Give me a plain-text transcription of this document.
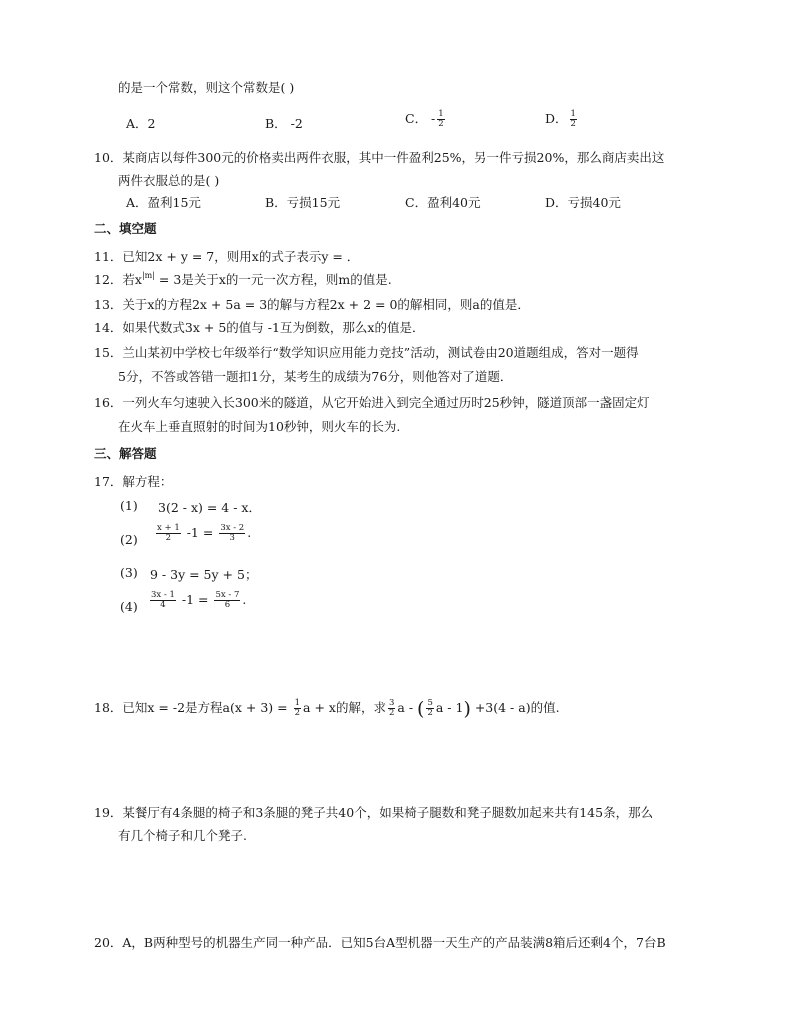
的是一个常数，则这个常数是( )
A．2	B． -2	C． - $\frac{1}{2}$	D． $\frac{1}{2}$
10．某商店以每件300元的价格卖出两件衣服，其中一件盈利25%，另一件亏损20%，那么商店卖出这
两件衣服总的是( )
A．盈利15元	B．亏损15元	C．盈利40元	D．亏损40元
二、填空题
11．已知2x + y = 7，则用x的式子表示y = ．
12．若$x^{|m|} = 3$是关于x的一元一次方程，则m的值是.
13．关于x的方程2x + 5a = 3的解与方程2x + 2 = 0的解相同，则a的值是．
14．如果代数式3x + 5的值与 -1互为倒数，那么x的值是．
15．兰山某初中学校七年级举行“数学知识应用能力竞技”活动，测试卷由20道题组成，答对一题得
5分，不答或答错一题扣1分，某考生的成绩为76分，则他答对了道题．
16．一列火车匀速驶入长300米的隧道，从它开始进入到完全通过历时25秒钟，隧道顶部一盏固定灯
在火车上垂直照射的时间为10秒钟，则火车的长为.
三、解答题
17．解方程：
(1) 3(2 - x) = 4 - x．
$(2) \frac{x + 1}{2} -1 = \frac{3x - 2}{3}$ .
(3) 9 - 3y = 5y + 5；
$(4) \frac{3x - 1}{4} -1 = \frac{5x - 7}{6}$ .
18．已知x = -2是方程$a(x + 3) = \frac{1}{2}$ a + x的解，求 $\frac{3}{2}$ a - ( $\frac{5}{2}$ a - 1) +3(4 - a)的值.
19．某餐厅有4条腿的椅子和3条腿的凳子共40个，如果椅子腿数和凳子腿数加起来共有145条，那么
有几个椅子和几个凳子.
20．A，B两种型号的机器生产同一种产品．已知5台A型机器一天生产的产品装满8箱后还剩4个，7台B
